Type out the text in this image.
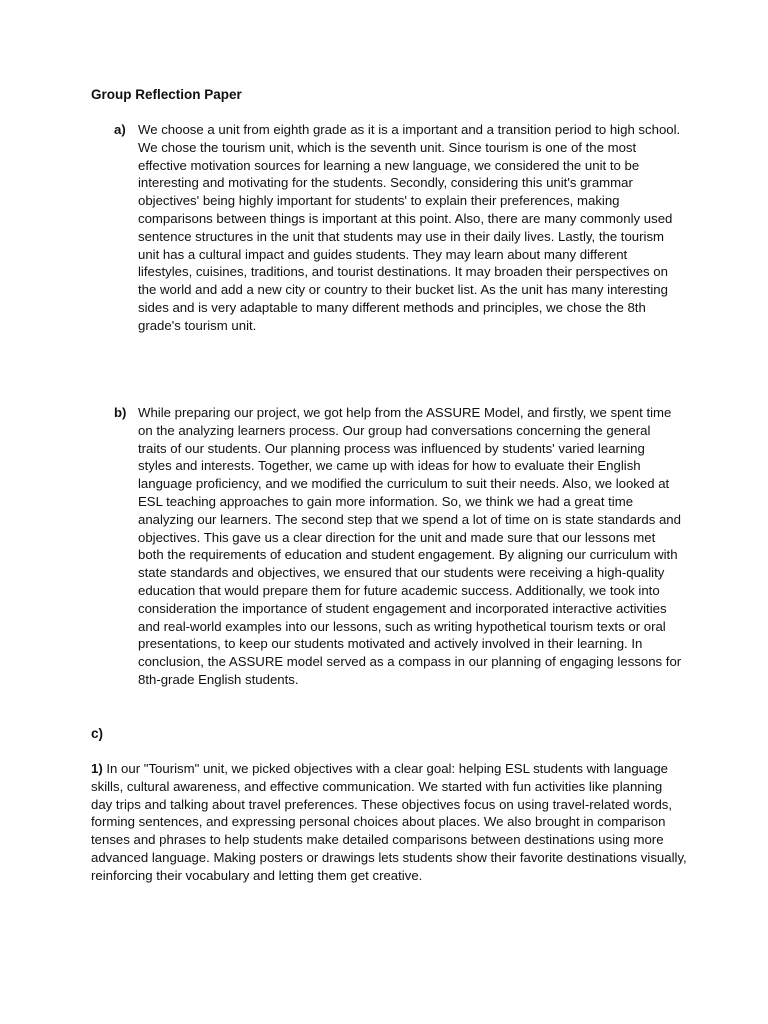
Group Reflection Paper
a) We choose a unit from eighth grade as it is a important and a transition period to high school. We chose the tourism unit, which is the seventh unit. Since tourism is one of the most effective motivation sources for learning a new language, we considered the unit to be interesting and motivating for the students. Secondly, considering this unit's grammar objectives' being highly important for students' to explain their preferences, making comparisons between things is important at this point. Also, there are many commonly used sentence structures in the unit that students may use in their daily lives. Lastly, the tourism unit has a cultural impact and guides students. They may learn about many different lifestyles, cuisines, traditions, and tourist destinations. It may broaden their perspectives on the world and add a new city or country to their bucket list. As the unit has many interesting sides and is very adaptable to many different methods and principles, we chose the 8th grade's tourism unit.
b) While preparing our project, we got help from the ASSURE Model, and firstly, we spent time on the analyzing learners process. Our group had conversations concerning the general traits of our students. Our planning process was influenced by students' varied learning styles and interests. Together, we came up with ideas for how to evaluate their English language proficiency, and we modified the curriculum to suit their needs. Also, we looked at ESL teaching approaches to gain more information. So, we think we had a great time analyzing our learners. The second step that we spend a lot of time on is state standards and objectives. This gave us a clear direction for the unit and made sure that our lessons met both the requirements of education and student engagement. By aligning our curriculum with state standards and objectives, we ensured that our students were receiving a high-quality education that would prepare them for future academic success. Additionally, we took into consideration the importance of student engagement and incorporated interactive activities and real-world examples into our lessons, such as writing hypothetical tourism texts or oral presentations, to keep our students motivated and actively involved in their learning. In conclusion, the ASSURE model served as a compass in our planning of engaging lessons for 8th-grade English students.
c)
1) In our "Tourism" unit, we picked objectives with a clear goal: helping ESL students with language skills, cultural awareness, and effective communication. We started with fun activities like planning day trips and talking about travel preferences. These objectives focus on using travel-related words, forming sentences, and expressing personal choices about places. We also brought in comparison tenses and phrases to help students make detailed comparisons between destinations using more advanced language. Making posters or drawings lets students show their favorite destinations visually, reinforcing their vocabulary and letting them get creative.
